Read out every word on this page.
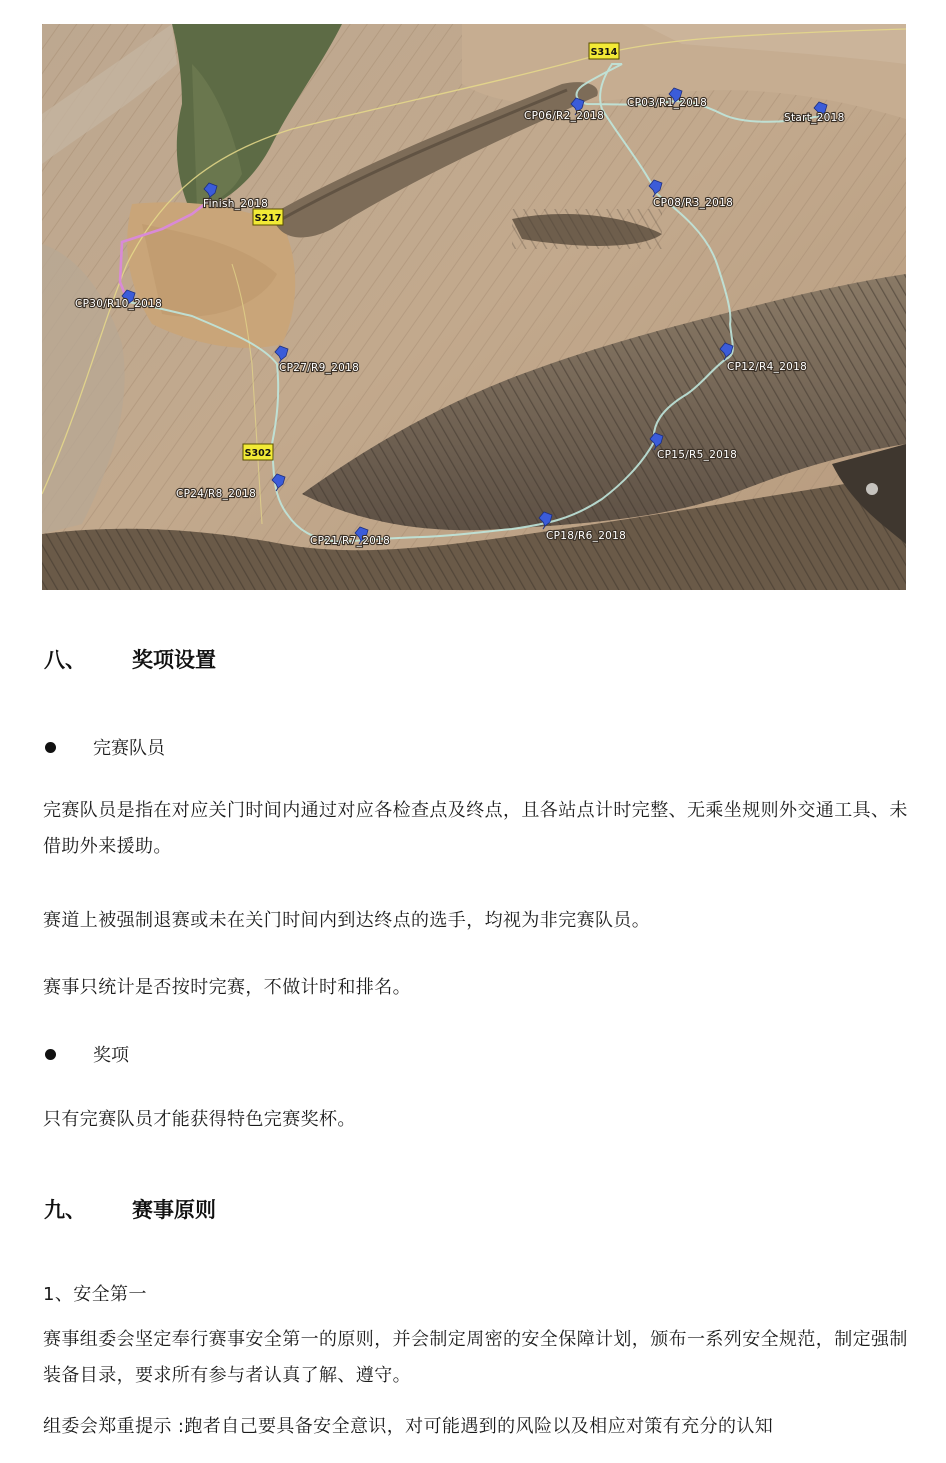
S314
S217
S302
Start_2018
CP03/R1_2018
CP06/R2_2018
CP08/R3_2018
CP12/R4_2018
CP15/R5_2018
CP18/R6_2018
CP21/R7_2018
CP24/R8_2018
CP27/R9_2018
CP30/R10_2018
Finish_2018
八、	奖项设置
完赛队员
完赛队员是指在对应关门时间内通过对应各检查点及终点，且各站点计时完整、无乘坐规则外交通工具、未借助外来援助。
赛道上被强制退赛或未在关门时间内到达终点的选手，均视为非完赛队员。
赛事只统计是否按时完赛，不做计时和排名。
奖项
只有完赛队员才能获得特色完赛奖杯。
九、	赛事原则
1、安全第一
赛事组委会坚定奉行赛事安全第一的原则，并会制定周密的安全保障计划，颁布一系列安全规范，制定强制装备目录，要求所有参与者认真了解、遵守。
组委会郑重提示 :跑者自己要具备安全意识，对可能遇到的风险以及相应对策有充分的认知
